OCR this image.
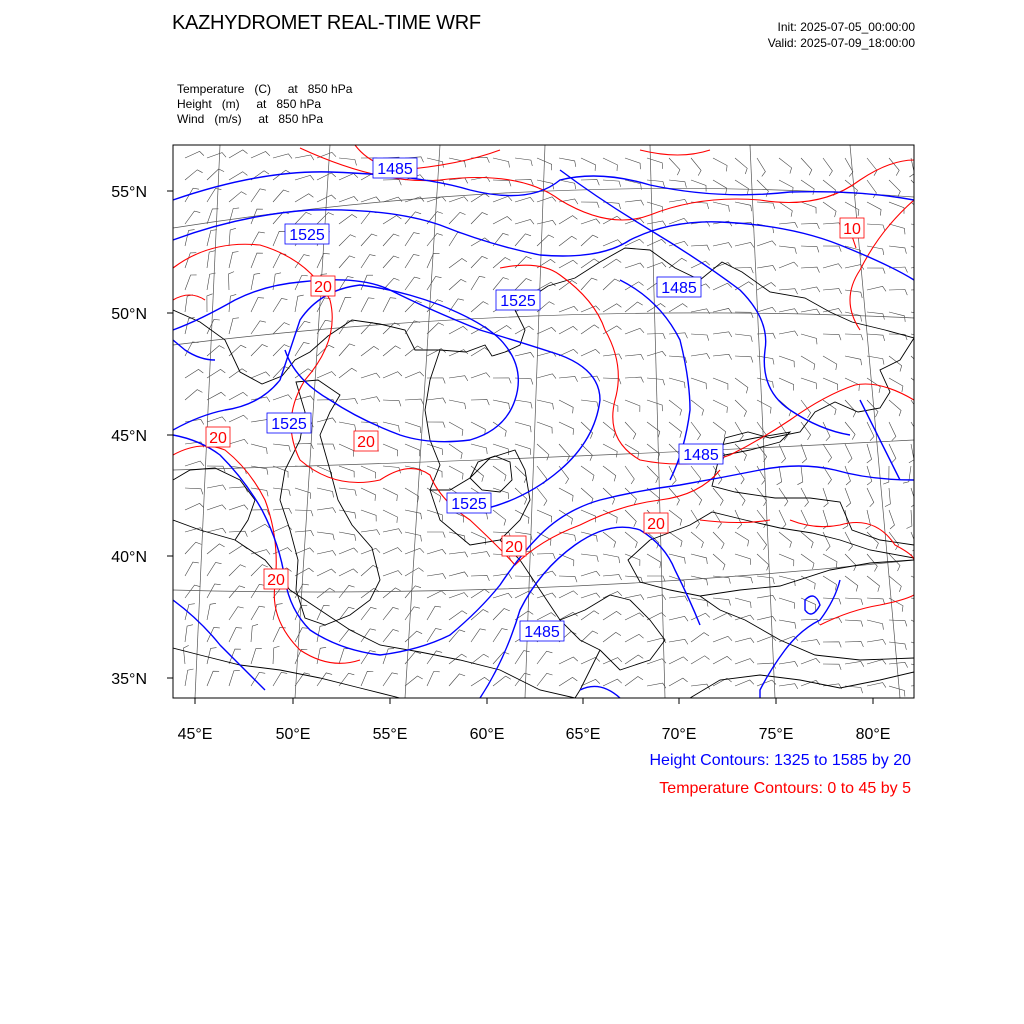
KAZHYDROMET REAL-TIME WRF	Init: 2025-07-05_00:00:00
Valid: 2025-07-09_18:00:00
Temperature   (C)     at   850 hPa
Height   (m)     at   850 hPa
Wind   (m/s)     at   850 hPa
1485
1525
1525
1485
1525
1485
1525
1485
10
20
20	20
20
20
20
55°N
50°N
45°N
40°N
35°N
45°E	50°E	55°E	60°E	65°E	70°E	75°E	80°E
Height Contours: 1325 to 1585 by 20
Temperature Contours: 0 to 45 by 5
